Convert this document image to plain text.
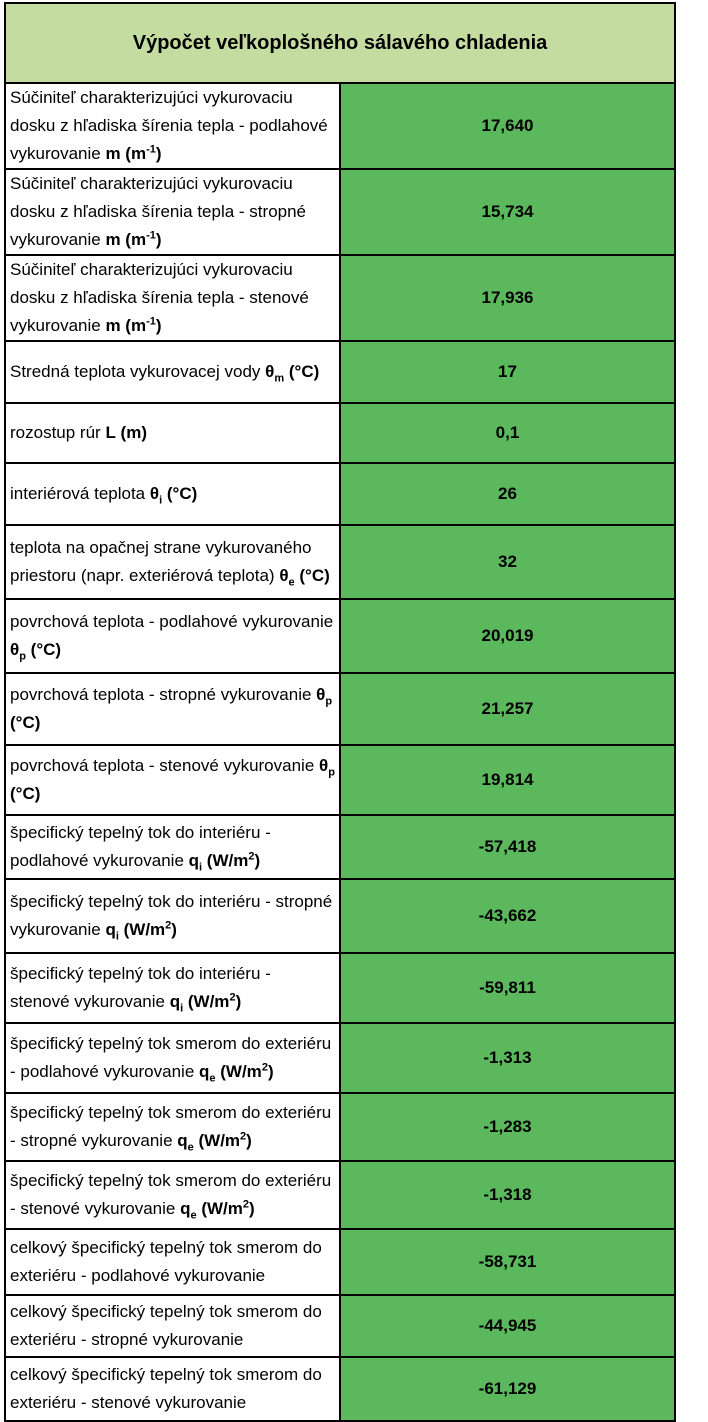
Výpočet veľkoplošného sálavého chladenia	
Súčiniteľ charakterizujúci vykurovaciu dosku z hľadiska šírenia tepla - podlahové vykurovanie m $(m^{-1})$	17,640
Súčiniteľ charakterizujúci vykurovaciu dosku z hľadiska šírenia tepla - stropné vykurovanie m $(m^{-1})$	15,734
Súčiniteľ charakterizujúci vykurovaciu dosku z hľadiska šírenia tepla - stenové vykurovanie m $(m^{-1})$	17,936
Stredná teplota vykurovacej vody $\theta_m$ (°C)	17
rozostup rúr L (m)	0,1
interiérová teplota $\theta_i$ (°C)	26
teplota na opačnej strane vykurovaného priestoru (napr. exteriérová teplota) $\theta_e$ (°C)	32
povrchová teplota - podlahové vykurovanie $\theta_p$ (°C)	20,019
povrchová teplota - stropné vykurovanie $\theta_p$ (°C)	21,257
povrchová teplota - stenové vykurovanie $\theta_p$ (°C)	19,814
špecifický tepelný tok do interiéru - podlahové vykurovanie $q_i$ $(W/m^2)$	-57,418
špecifický tepelný tok do interiéru - stropné vykurovanie $q_i$ $(W/m^2)$	-43,662
špecifický tepelný tok do interiéru - stenové vykurovanie $q_i$ $(W/m^2)$	-59,811
špecifický tepelný tok smerom do exteriéru - podlahové vykurovanie $q_e$ $(W/m^2)$	-1,313
špecifický tepelný tok smerom do exteriéru - stropné vykurovanie $q_e$ $(W/m^2)$	-1,283
špecifický tepelný tok smerom do exteriéru - stenové vykurovanie $q_e$ $(W/m^2)$	-1,318
celkový špecifický tepelný tok smerom do exteriéru - podlahové vykurovanie	-58,731
celkový špecifický tepelný tok smerom do exteriéru - stropné vykurovanie	-44,945
celkový špecifický tepelný tok smerom do exteriéru - stenové vykurovanie	-61,129
